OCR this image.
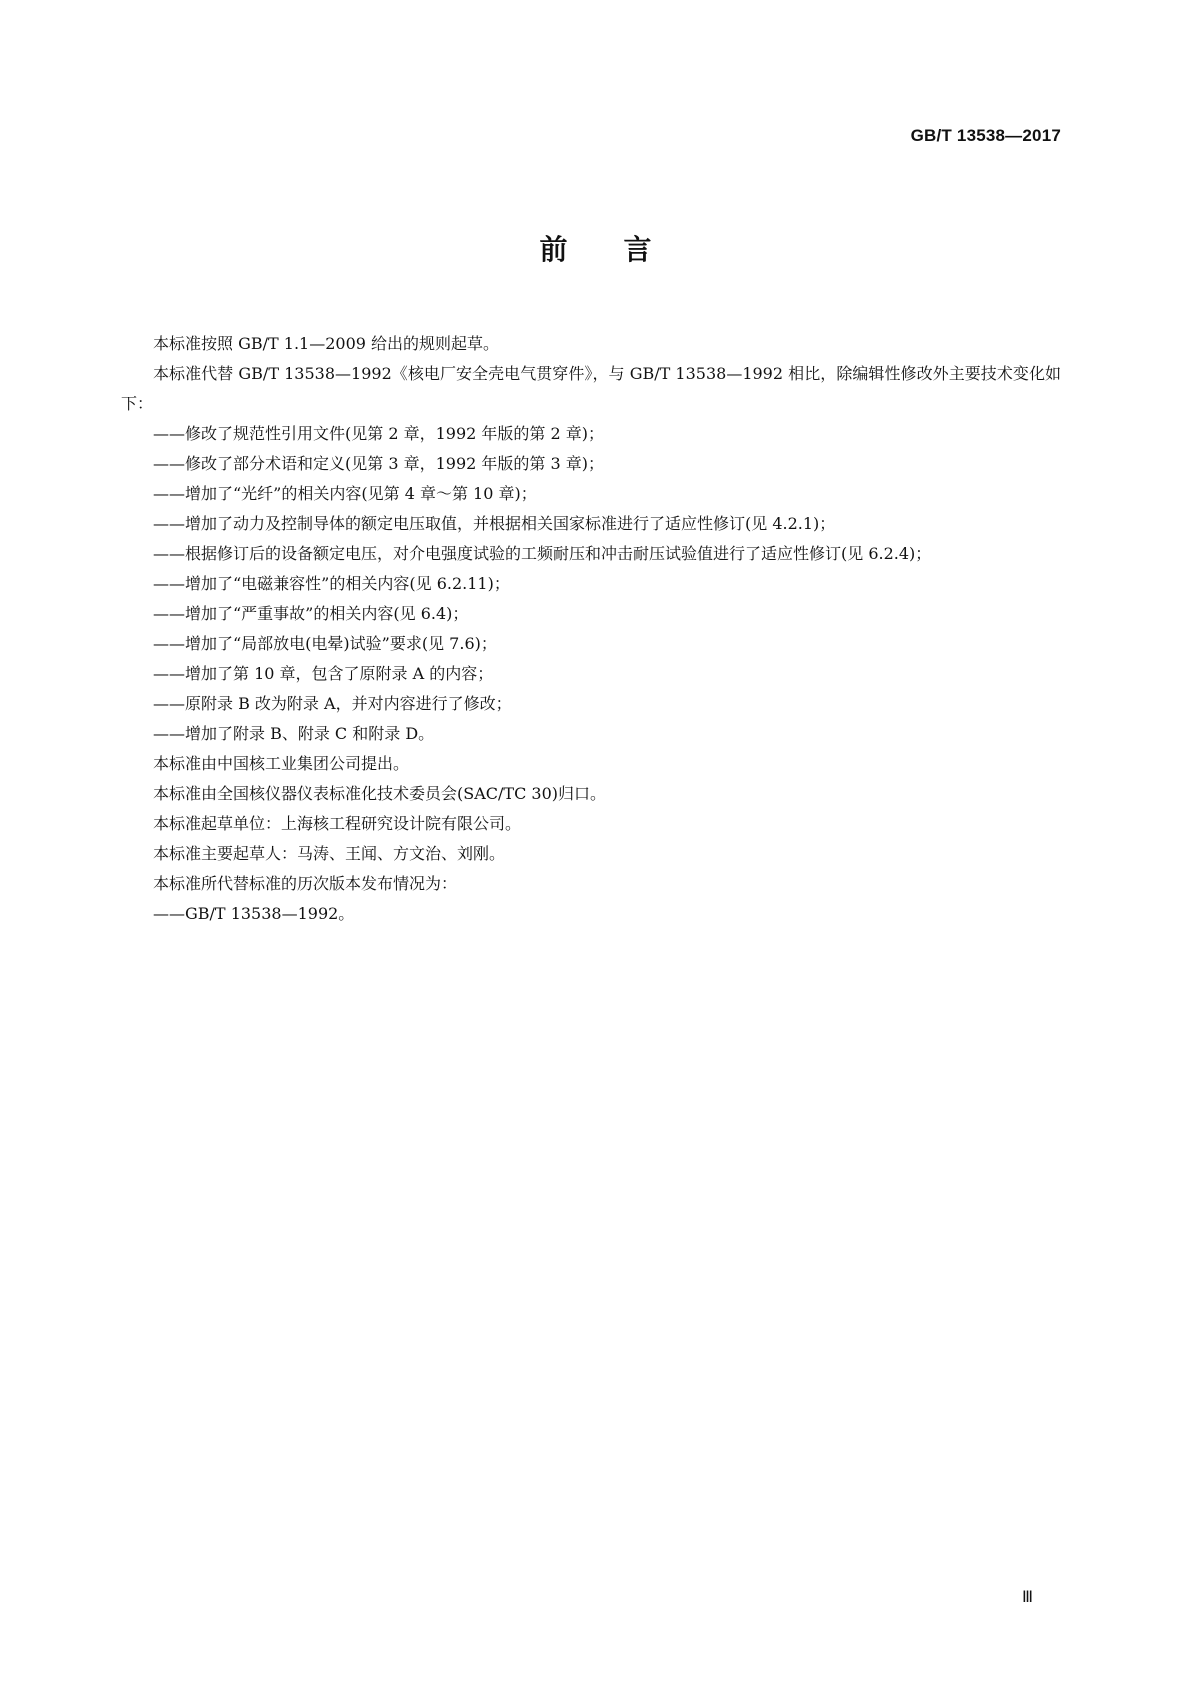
GB/T 13538—2017
前言

本标准按照 GB/T 1.1—2009 给出的规则起草。

本标准代替 GB/T 13538—1992《核电厂安全壳电气贯穿件》，与 GB/T 13538—1992 相比，除编辑性修改外主要技术变化如下：

——修改了规范性引用文件(见第 2 章，1992 年版的第 2 章)；

——修改了部分术语和定义(见第 3 章，1992 年版的第 3 章)；

——增加了“光纤”的相关内容(见第 4 章～第 10 章)；

——增加了动力及控制导体的额定电压取值，并根据相关国家标准进行了适应性修订(见 4.2.1)；

——根据修订后的设备额定电压，对介电强度试验的工频耐压和冲击耐压试验值进行了适应性修订(见 6.2.4)；

——增加了“电磁兼容性”的相关内容(见 6.2.11)；

——增加了“严重事故”的相关内容(见 6.4)；

——增加了“局部放电(电晕)试验”要求(见 7.6)；

——增加了第 10 章，包含了原附录 A 的内容；

——原附录 B 改为附录 A，并对内容进行了修改；

——增加了附录 B、附录 C 和附录 D。

本标准由中国核工业集团公司提出。

本标准由全国核仪器仪表标准化技术委员会(SAC/TC 30)归口。

本标准起草单位：上海核工程研究设计院有限公司。

本标准主要起草人：马涛、王闻、方文治、刘刚。

本标准所代替标准的历次版本发布情况为：

——GB/T 13538—1992。

Ⅲ
